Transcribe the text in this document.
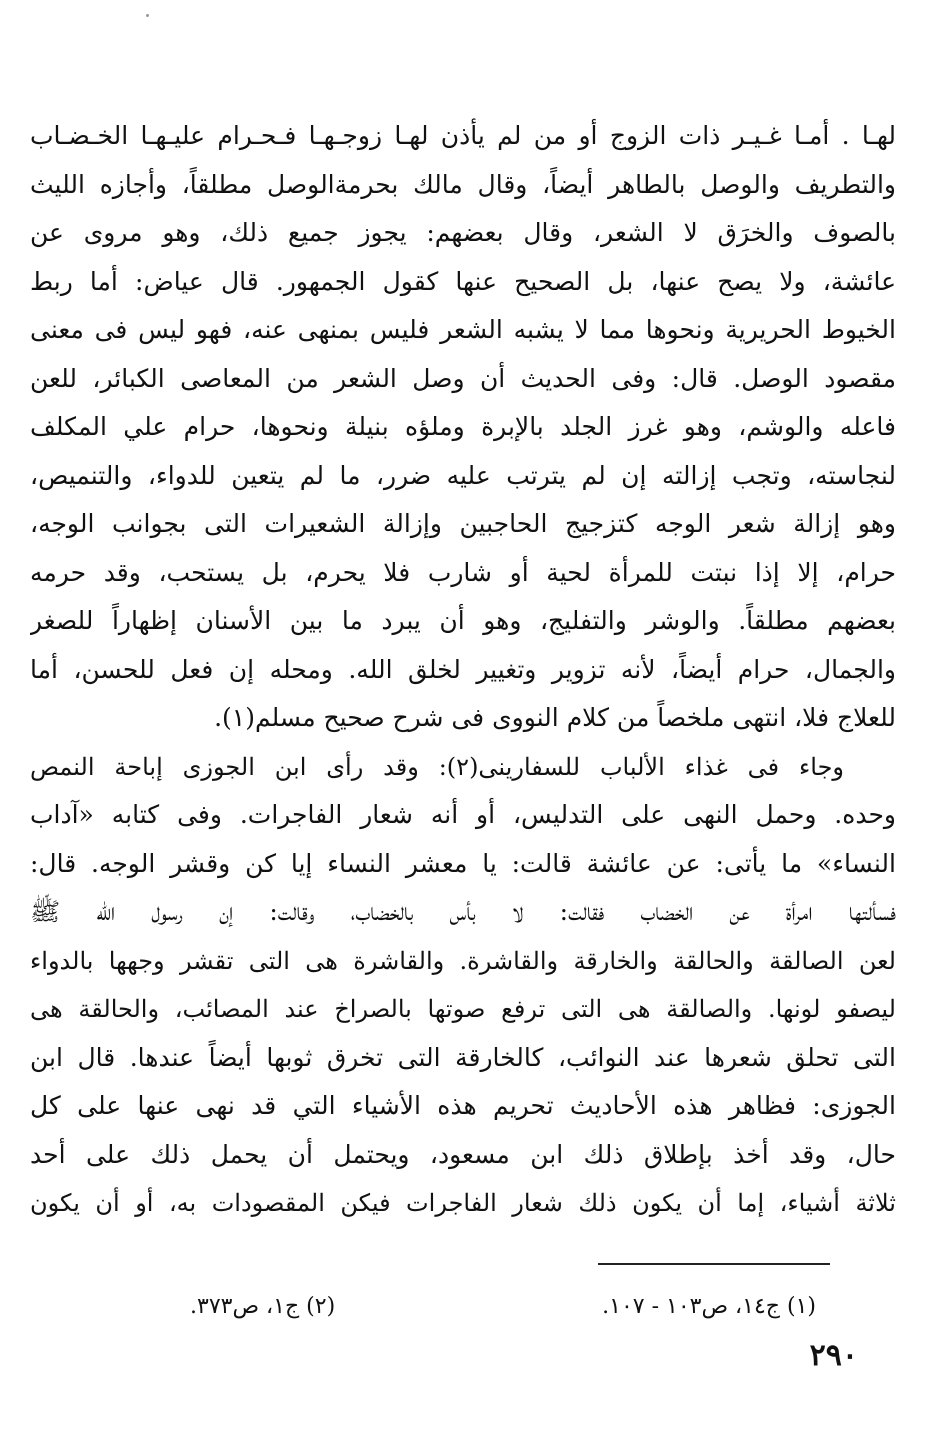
لهـا . أمـا غـيـر ذات الزوج أو من لم يأذن لهـا زوجـهـا فـحـرام عليـهـا الخـضـاب
والتطريف والوصل بالطاهر أيضاً، وقال مالك بحرمةالوصل مطلقاً، وأجازه الليث
بالصوف والخرَق لا الشعر، وقال بعضهم: يجوز جميع ذلك، وهو مروى عن
عائشة، ولا يصح عنها، بل الصحيح عنها كقول الجمهور. قال عياض: أما ربط
الخيوط الحريرية ونحوها مما لا يشبه الشعر فليس بمنهى عنه، فهو ليس فى معنى
مقصود الوصل. قال: وفى الحديث أن وصل الشعر من المعاصى الكبائر، للعن
فاعله والوشم، وهو غرز الجلد بالإبرة وملؤه بنيلة ونحوها، حرام علي المكلف
لنجاسته، وتجب إزالته إن لم يترتب عليه ضرر، ما لم يتعين للدواء، والتنميص،
وهو إزالة شعر الوجه كتزجيج الحاجبين وإزالة الشعيرات التى بجوانب الوجه،
حرام، إلا إذا نبتت للمرأة لحية أو شارب فلا يحرم، بل يستحب، وقد حرمه
بعضهم مطلقاً. والوشر والتفليج، وهو أن يبرد ما بين الأسنان إظهاراً للصغر
والجمال، حرام أيضاً، لأنه تزوير وتغيير لخلق الله. ومحله إن فعل للحسن، أما
للعلاج فلا، انتهى ملخصاً من كلام النووى فى شرح صحيح مسلم(١).
وجاء فى غذاء الألباب للسفارينى(٢): وقد رأى ابن الجوزى إباحة النمص
وحده. وحمل النهى على التدليس، أو أنه شعار الفاجرات. وفى كتابه «آداب
النساء» ما يأتى: عن عائشة قالت: يا معشر النساء إيا كن وقشر الوجه. قال:
فسألتها امرأة عن الخضاب فقالت: لا بأس بالخضاب، وقالت: إن رسول الله ﷺ
لعن الصالقة والحالقة والخارقة والقاشرة. والقاشرة هى التى تقشر وجهها بالدواء
ليصفو لونها. والصالقة هى التى ترفع صوتها بالصراخ عند المصائب، والحالقة هى
التى تحلق شعرها عند النوائب، كالخارقة التى تخرق ثوبها أيضاً عندها. قال ابن
الجوزى: فظاهر هذه الأحاديث تحريم هذه الأشياء التي قد نهى عنها على كل
حال، وقد أخذ بإطلاق ذلك ابن مسعود، ويحتمل أن يحمل ذلك على أحد
ثلاثة أشياء، إما أن يكون ذلك شعار الفاجرات فيكن المقصودات به، أو أن يكون
(١) ج١٤، ص١٠٣ - ١٠٧.
(٢) ج١، ص٣٧٣.
٢٩٠
